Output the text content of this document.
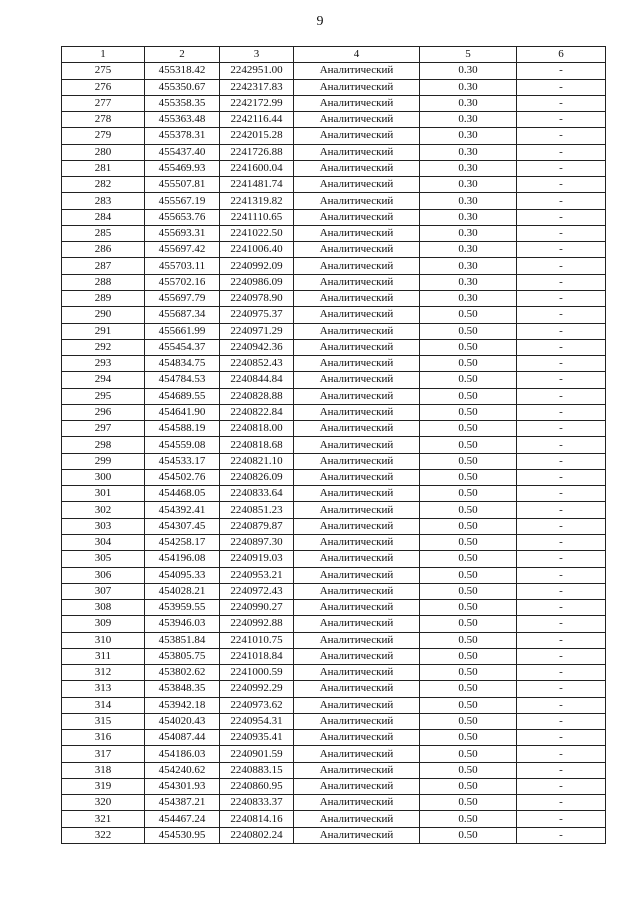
9
1	2	3	4	5	6
275	455318.42	2242951.00	Аналитический	0.30	-
276	455350.67	2242317.83	Аналитический	0.30	-
277	455358.35	2242172.99	Аналитический	0.30	-
278	455363.48	2242116.44	Аналитический	0.30	-
279	455378.31	2242015.28	Аналитический	0.30	-
280	455437.40	2241726.88	Аналитический	0.30	-
281	455469.93	2241600.04	Аналитический	0.30	-
282	455507.81	2241481.74	Аналитический	0.30	-
283	455567.19	2241319.82	Аналитический	0.30	-
284	455653.76	2241110.65	Аналитический	0.30	-
285	455693.31	2241022.50	Аналитический	0.30	-
286	455697.42	2241006.40	Аналитический	0.30	-
287	455703.11	2240992.09	Аналитический	0.30	-
288	455702.16	2240986.09	Аналитический	0.30	-
289	455697.79	2240978.90	Аналитический	0.30	-
290	455687.34	2240975.37	Аналитический	0.50	-
291	455661.99	2240971.29	Аналитический	0.50	-
292	455454.37	2240942.36	Аналитический	0.50	-
293	454834.75	2240852.43	Аналитический	0.50	-
294	454784.53	2240844.84	Аналитический	0.50	-
295	454689.55	2240828.88	Аналитический	0.50	-
296	454641.90	2240822.84	Аналитический	0.50	-
297	454588.19	2240818.00	Аналитический	0.50	-
298	454559.08	2240818.68	Аналитический	0.50	-
299	454533.17	2240821.10	Аналитический	0.50	-
300	454502.76	2240826.09	Аналитический	0.50	-
301	454468.05	2240833.64	Аналитический	0.50	-
302	454392.41	2240851.23	Аналитический	0.50	-
303	454307.45	2240879.87	Аналитический	0.50	-
304	454258.17	2240897.30	Аналитический	0.50	-
305	454196.08	2240919.03	Аналитический	0.50	-
306	454095.33	2240953.21	Аналитический	0.50	-
307	454028.21	2240972.43	Аналитический	0.50	-
308	453959.55	2240990.27	Аналитический	0.50	-
309	453946.03	2240992.88	Аналитический	0.50	-
310	453851.84	2241010.75	Аналитический	0.50	-
311	453805.75	2241018.84	Аналитический	0.50	-
312	453802.62	2241000.59	Аналитический	0.50	-
313	453848.35	2240992.29	Аналитический	0.50	-
314	453942.18	2240973.62	Аналитический	0.50	-
315	454020.43	2240954.31	Аналитический	0.50	-
316	454087.44	2240935.41	Аналитический	0.50	-
317	454186.03	2240901.59	Аналитический	0.50	-
318	454240.62	2240883.15	Аналитический	0.50	-
319	454301.93	2240860.95	Аналитический	0.50	-
320	454387.21	2240833.37	Аналитический	0.50	-
321	454467.24	2240814.16	Аналитический	0.50	-
322	454530.95	2240802.24	Аналитический	0.50	-
